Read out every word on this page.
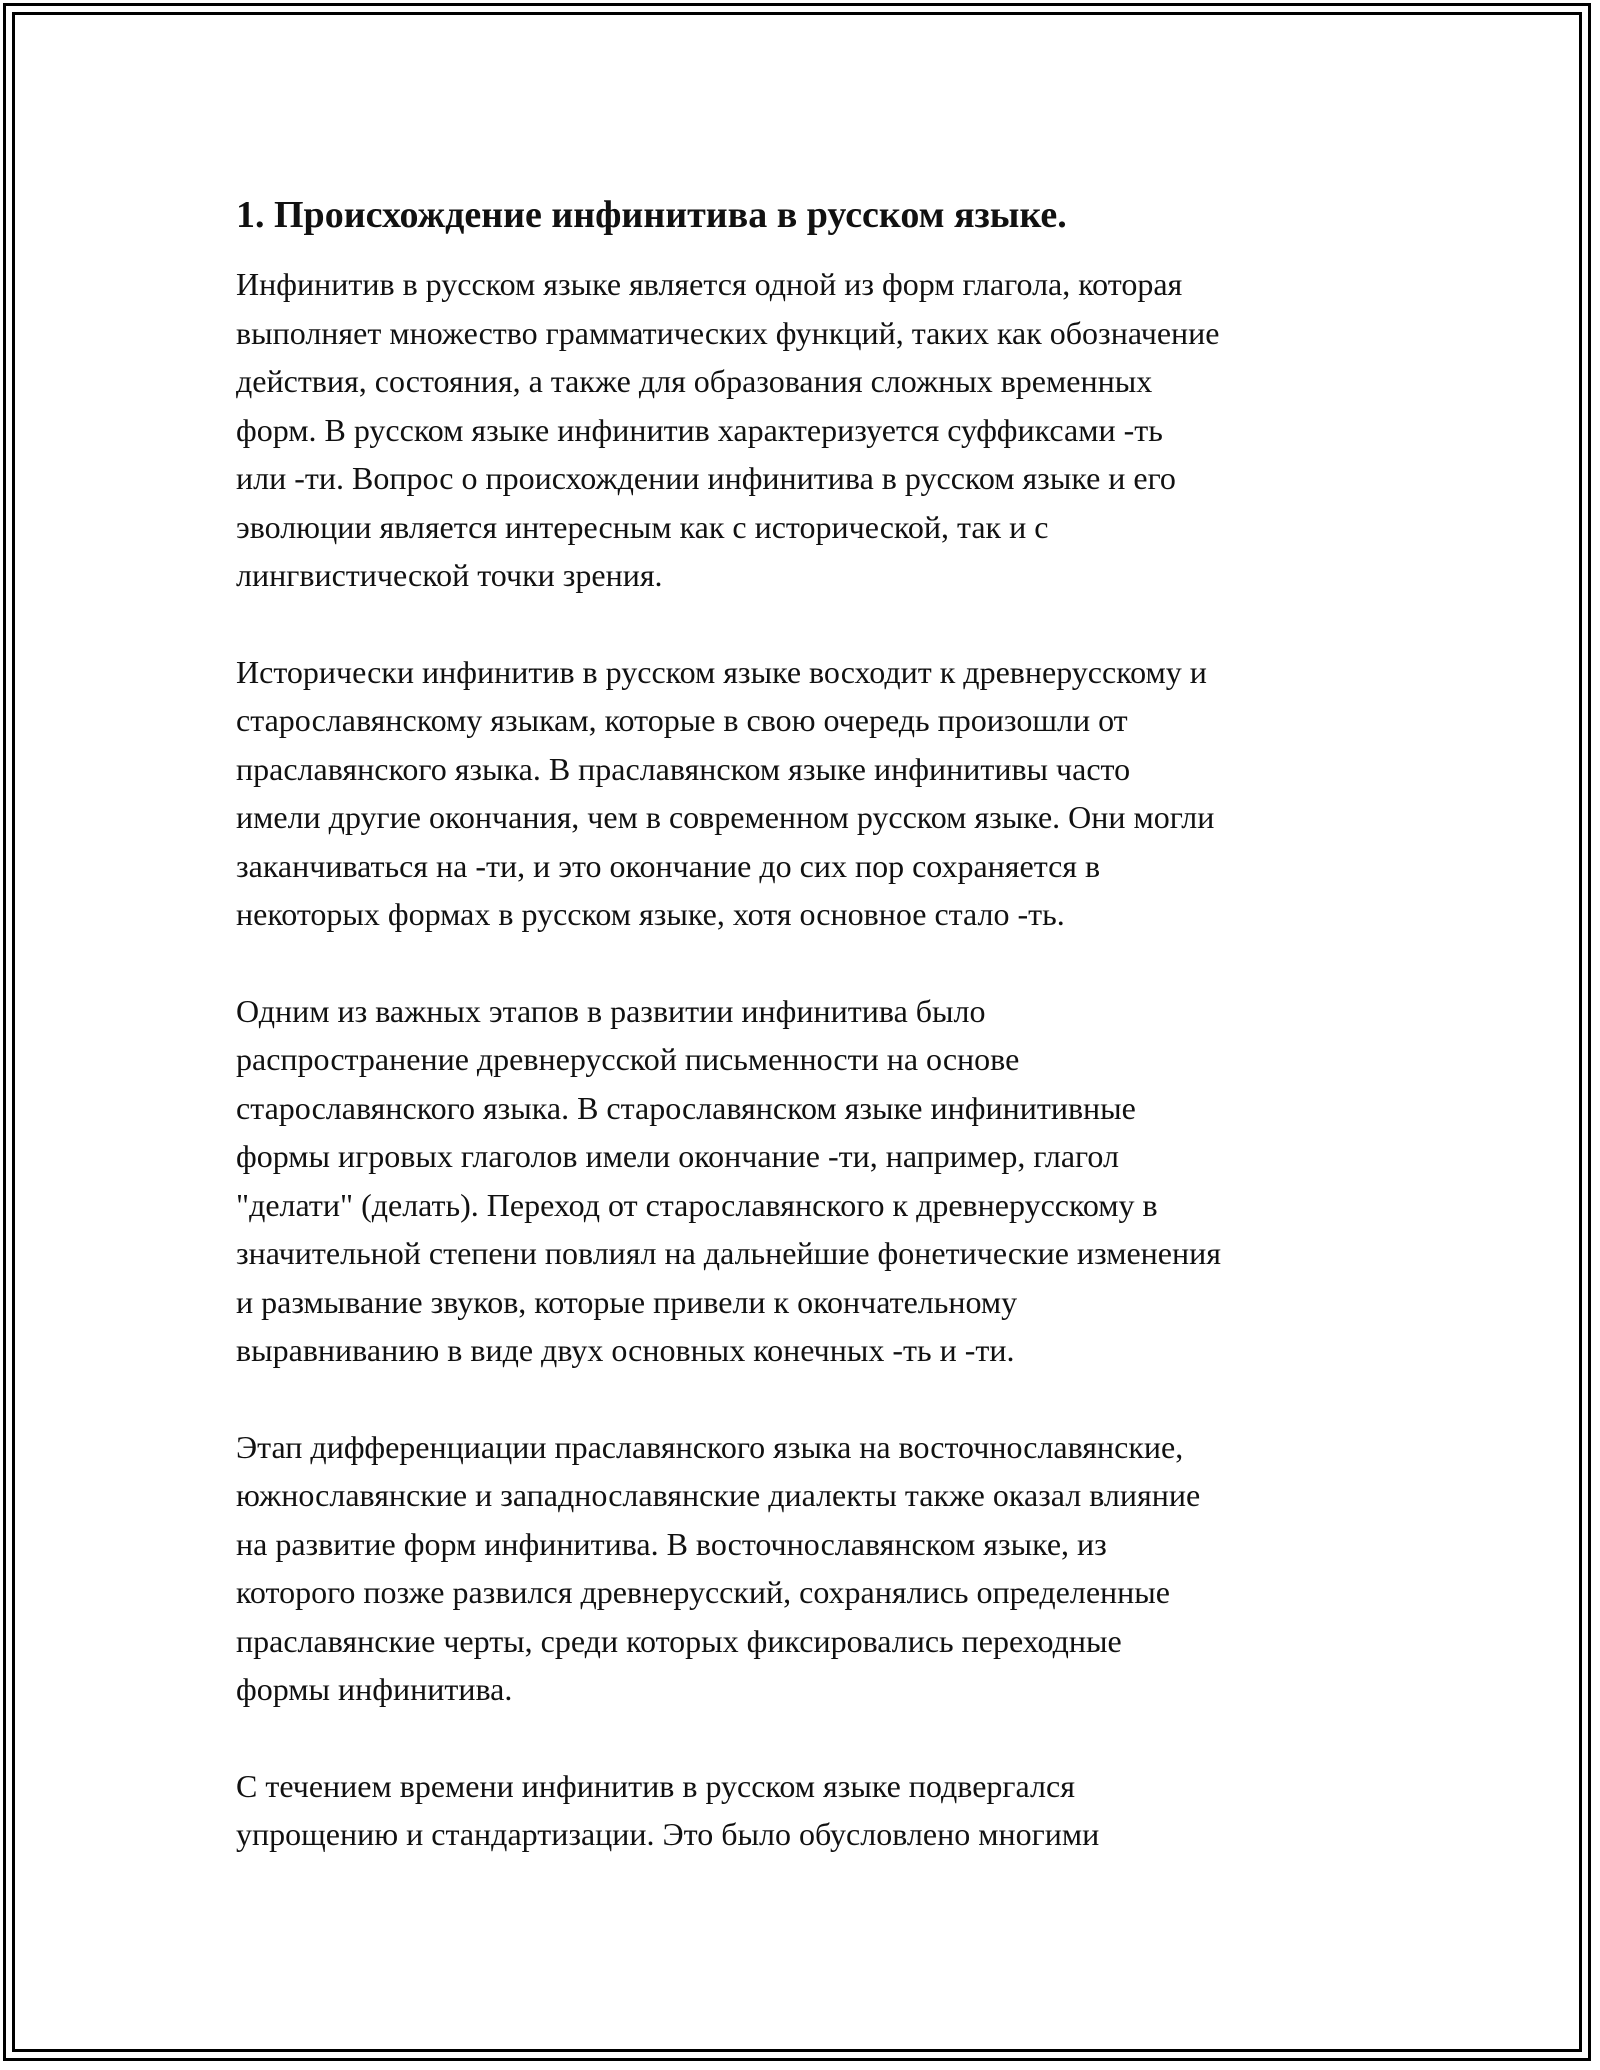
1. Происхождение инфинитива в русском языке.
Инфинитив в русском языке является одной из форм глагола, которая
выполняет множество грамматических функций, таких как обозначение
действия, состояния, а также для образования сложных временных
форм. В русском языке инфинитив характеризуется суффиксами -ть
или -ти. Вопрос о происхождении инфинитива в русском языке и его
эволюции является интересным как с исторической, так и с
лингвистической точки зрения.
Исторически инфинитив в русском языке восходит к древнерусскому и
старославянскому языкам, которые в свою очередь произошли от
праславянского языка. В праславянском языке инфинитивы часто
имели другие окончания, чем в современном русском языке. Они могли
заканчиваться на -ти, и это окончание до сих пор сохраняется в
некоторых формах в русском языке, хотя основное стало -ть.
Одним из важных этапов в развитии инфинитива было
распространение древнерусской письменности на основе
старославянского языка. В старославянском языке инфинитивные
формы игровых глаголов имели окончание -ти, например, глагол
"делати" (делать). Переход от старославянского к древнерусскому в
значительной степени повлиял на дальнейшие фонетические изменения
и размывание звуков, которые привели к окончательному
выравниванию в виде двух основных конечных -ть и -ти.
Этап дифференциации праславянского языка на восточнославянские,
южнославянские и западнославянские диалекты также оказал влияние
на развитие форм инфинитива. В восточнославянском языке, из
которого позже развился древнерусский, сохранялись определенные
праславянские черты, среди которых фиксировались переходные
формы инфинитива.
С течением времени инфинитив в русском языке подвергался
упрощению и стандартизации. Это было обусловлено многими
